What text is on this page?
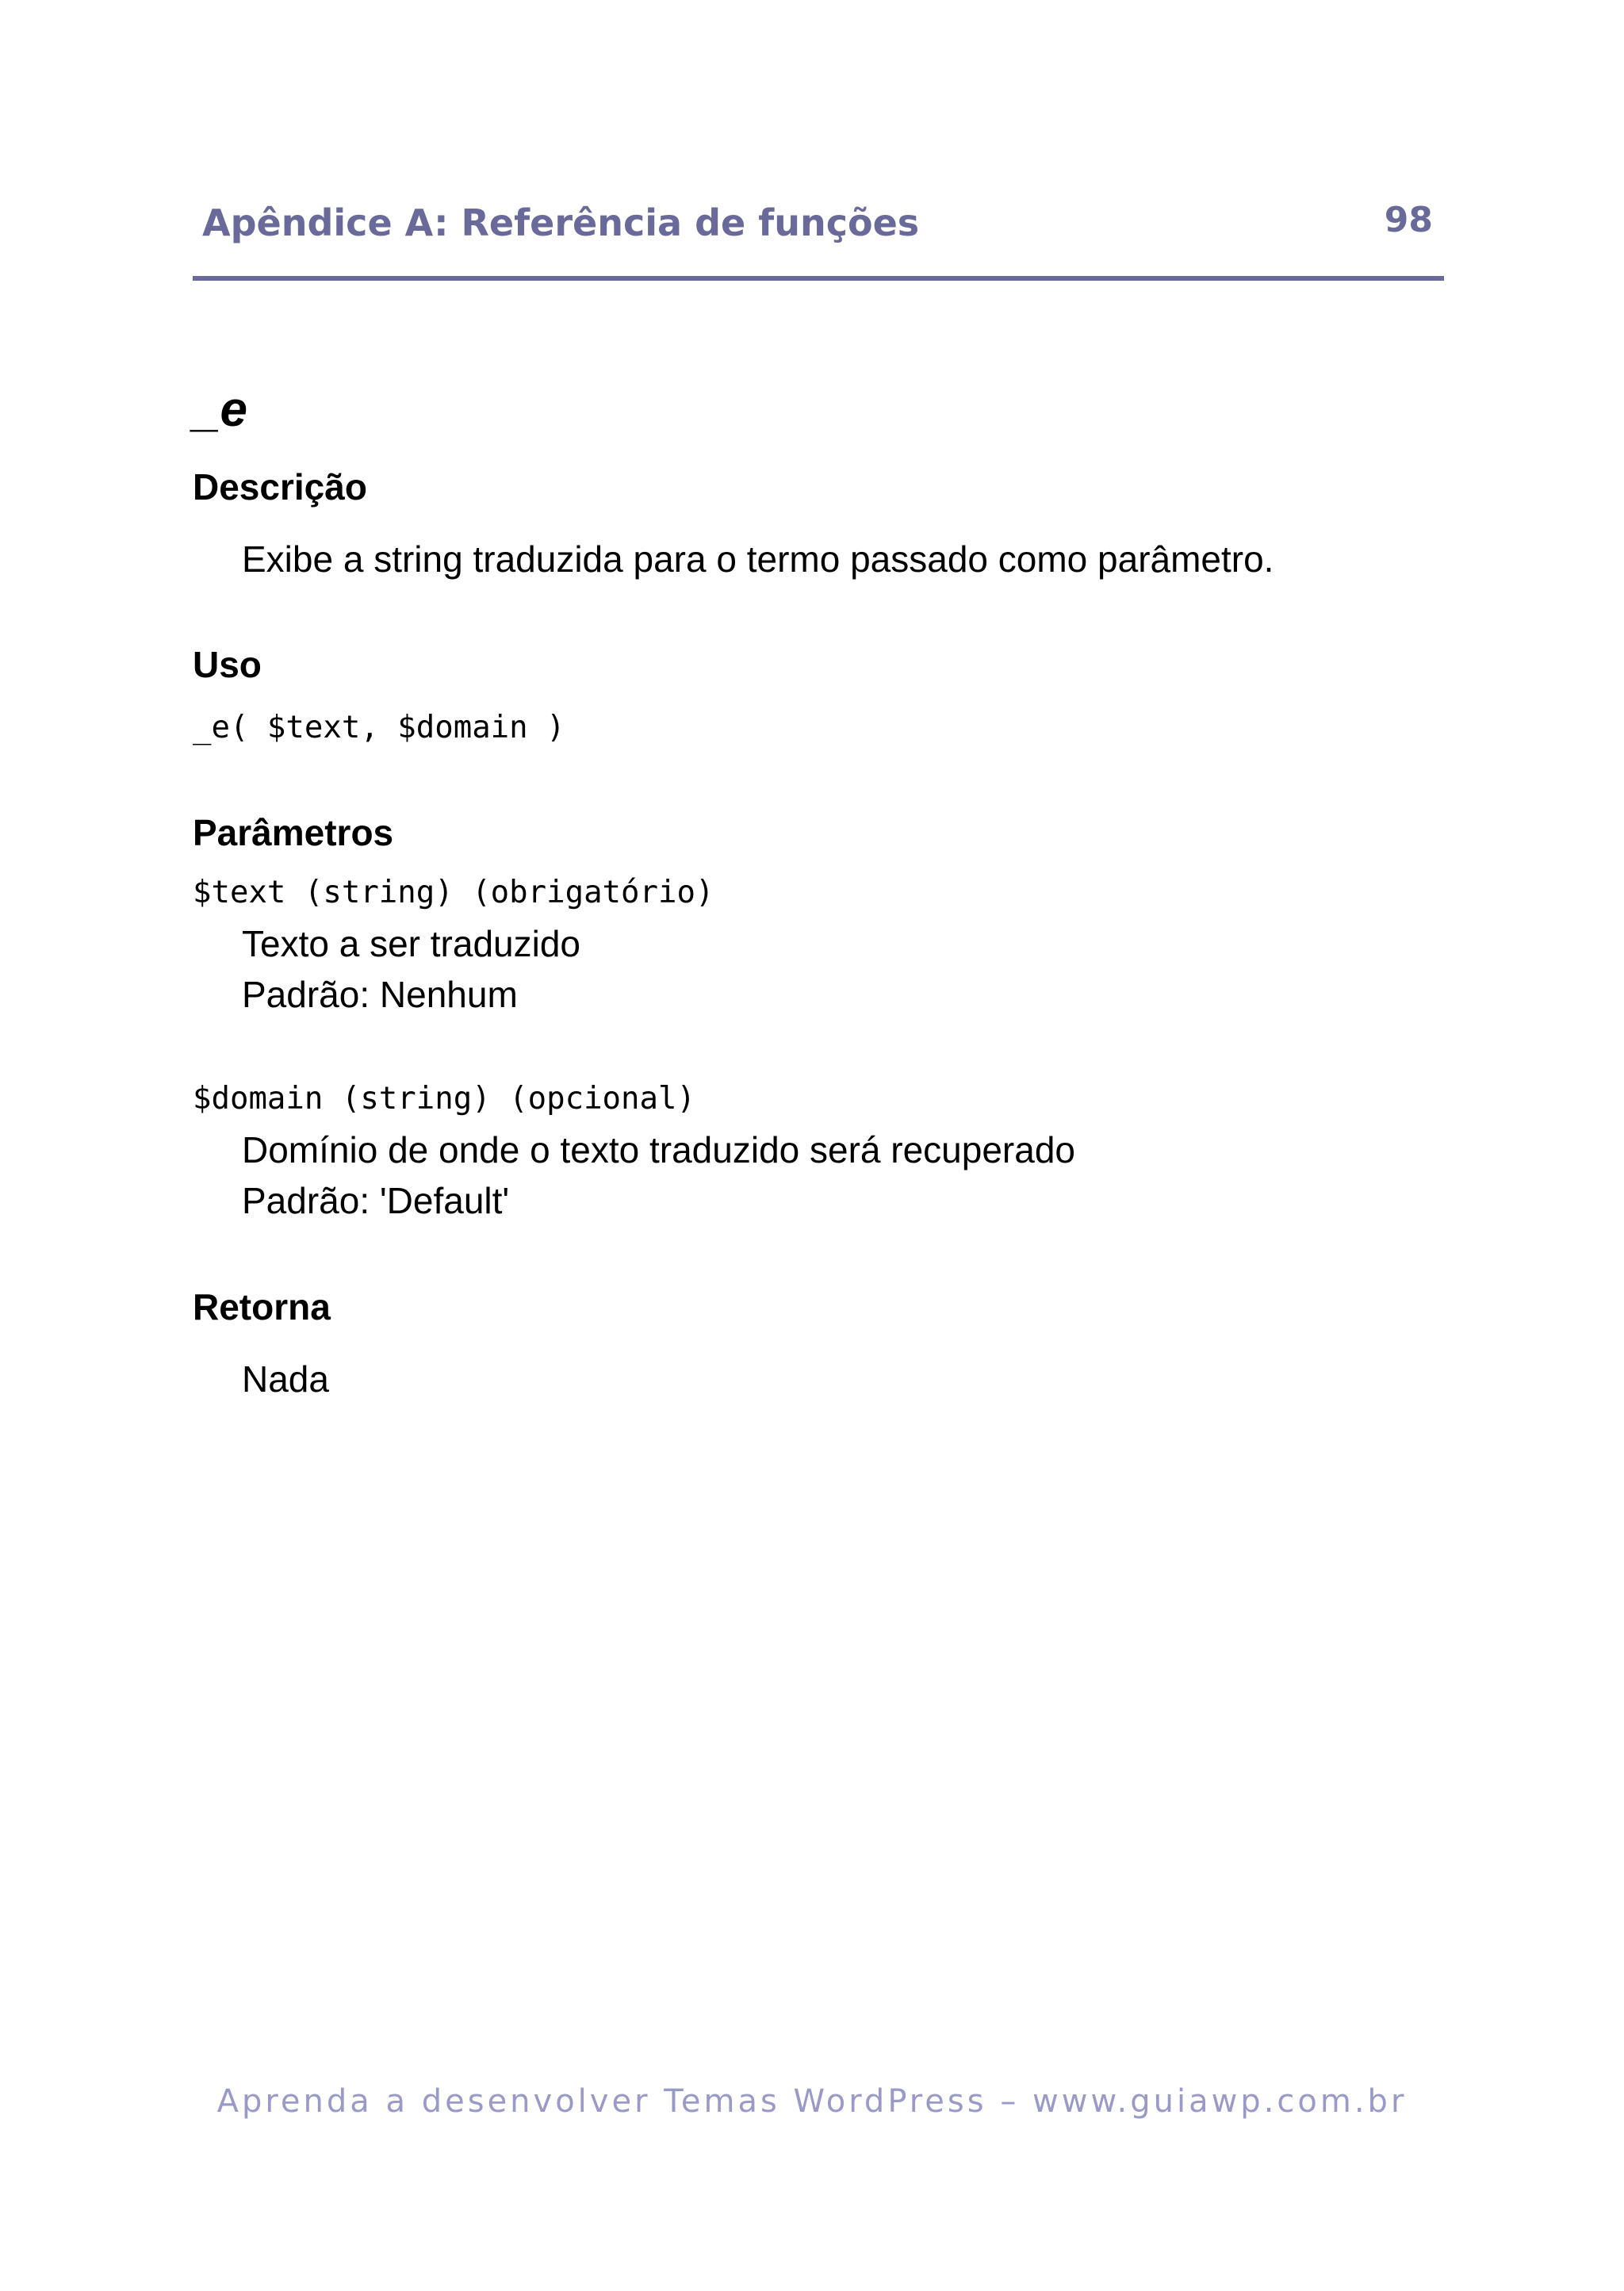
Apêndice A: Referência de funções	98
_e
Descrição
Exibe a string traduzida para o termo passado como parâmetro.
Uso
_e( $text, $domain )
Parâmetros
$text (string) (obrigatório)
Texto a ser traduzido
Padrão: Nenhum
$domain (string) (opcional)
Domínio de onde o texto traduzido será recuperado
Padrão: 'Default'
Retorna
Nada
Aprenda a desenvolver Temas WordPress – www.guiawp.com.br
